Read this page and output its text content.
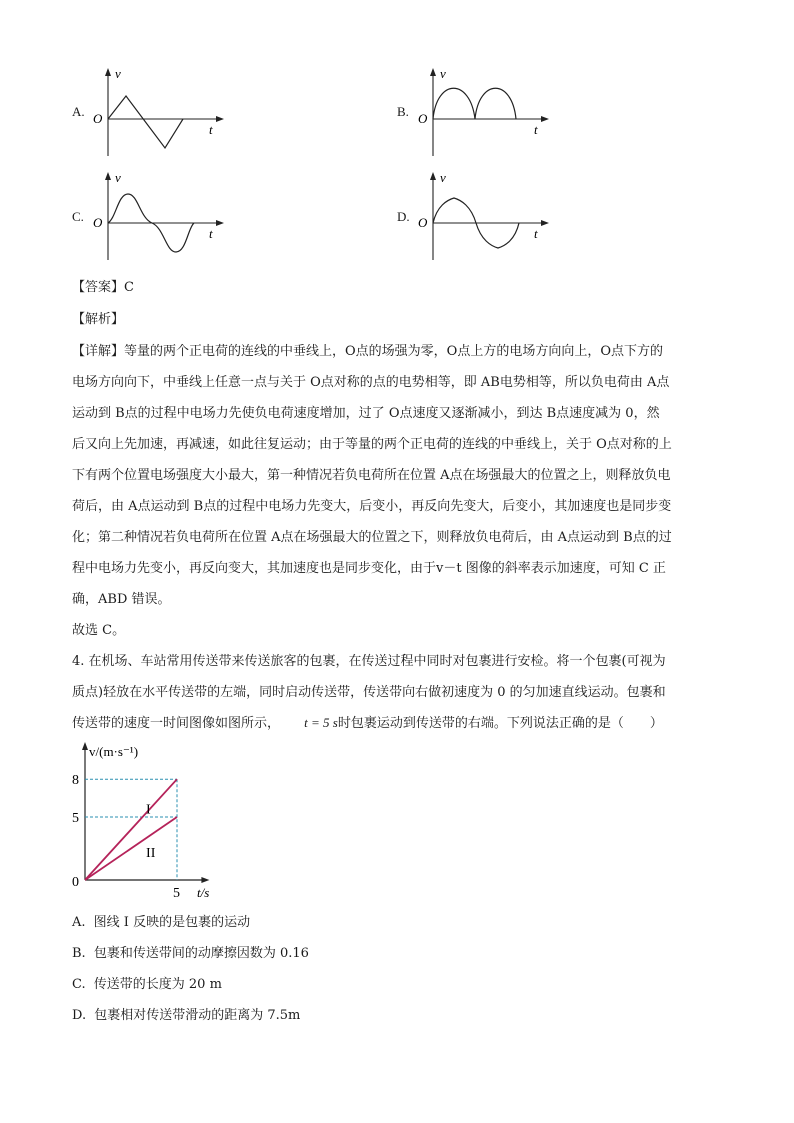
A.
v
O
t
B.
v
O
t
C.
v
O
t
D.
v
O
t
【答案】C
【解析】
【详解】等量的两个正电荷的连线的中垂线上，O点的场强为零，O点上方的电场方向向上，O点下方的
电场方向向下，中垂线上任意一点与关于 O点对称的点的电势相等，即 AB电势相等，所以负电荷由 A点
运动到 B点的过程中电场力先使负电荷速度增加，过了 O点速度又逐渐减小，到达 B点速度减为 0，然
后又向上先加速，再减速，如此往复运动；由于等量的两个正电荷的连线的中垂线上，关于 O点对称的上
下有两个位置电场强度大小最大，第一种情况若负电荷所在位置 A点在场强最大的位置之上，则释放负电
荷后，由 A点运动到 B点的过程中电场力先变大，后变小，再反向先变大，后变小，其加速度也是同步变
化；第二种情况若负电荷所在位置 A点在场强最大的位置之下，则释放负电荷后，由 A点运动到 B点的过
程中电场力先变小，再反向变大，其加速度也是同步变化，由于v－t 图像的斜率表示加速度，可知 C 正
确，ABD 错误。
故选 C。
4. 在机场、车站常用传送带来传送旅客的包裹，在传送过程中同时对包裹进行安检。将一个包裹(可视为
质点)轻放在水平传送带的左端，同时启动传送带，传送带向右做初速度为 0 的匀加速直线运动。包裹和
传送带的速度一时间图像如图所示， t = 5 s时包裹运动到传送带的右端。下列说法正确的是（　　）
I
II
8
5
5
0
v/(m·s⁻¹)
t/s
A. 图线 I 反映的是包裹的运动
B. 包裹和传送带间的动摩擦因数为 0.16
C. 传送带的长度为 20 m
D. 包裹相对传送带滑动的距离为 7.5m
